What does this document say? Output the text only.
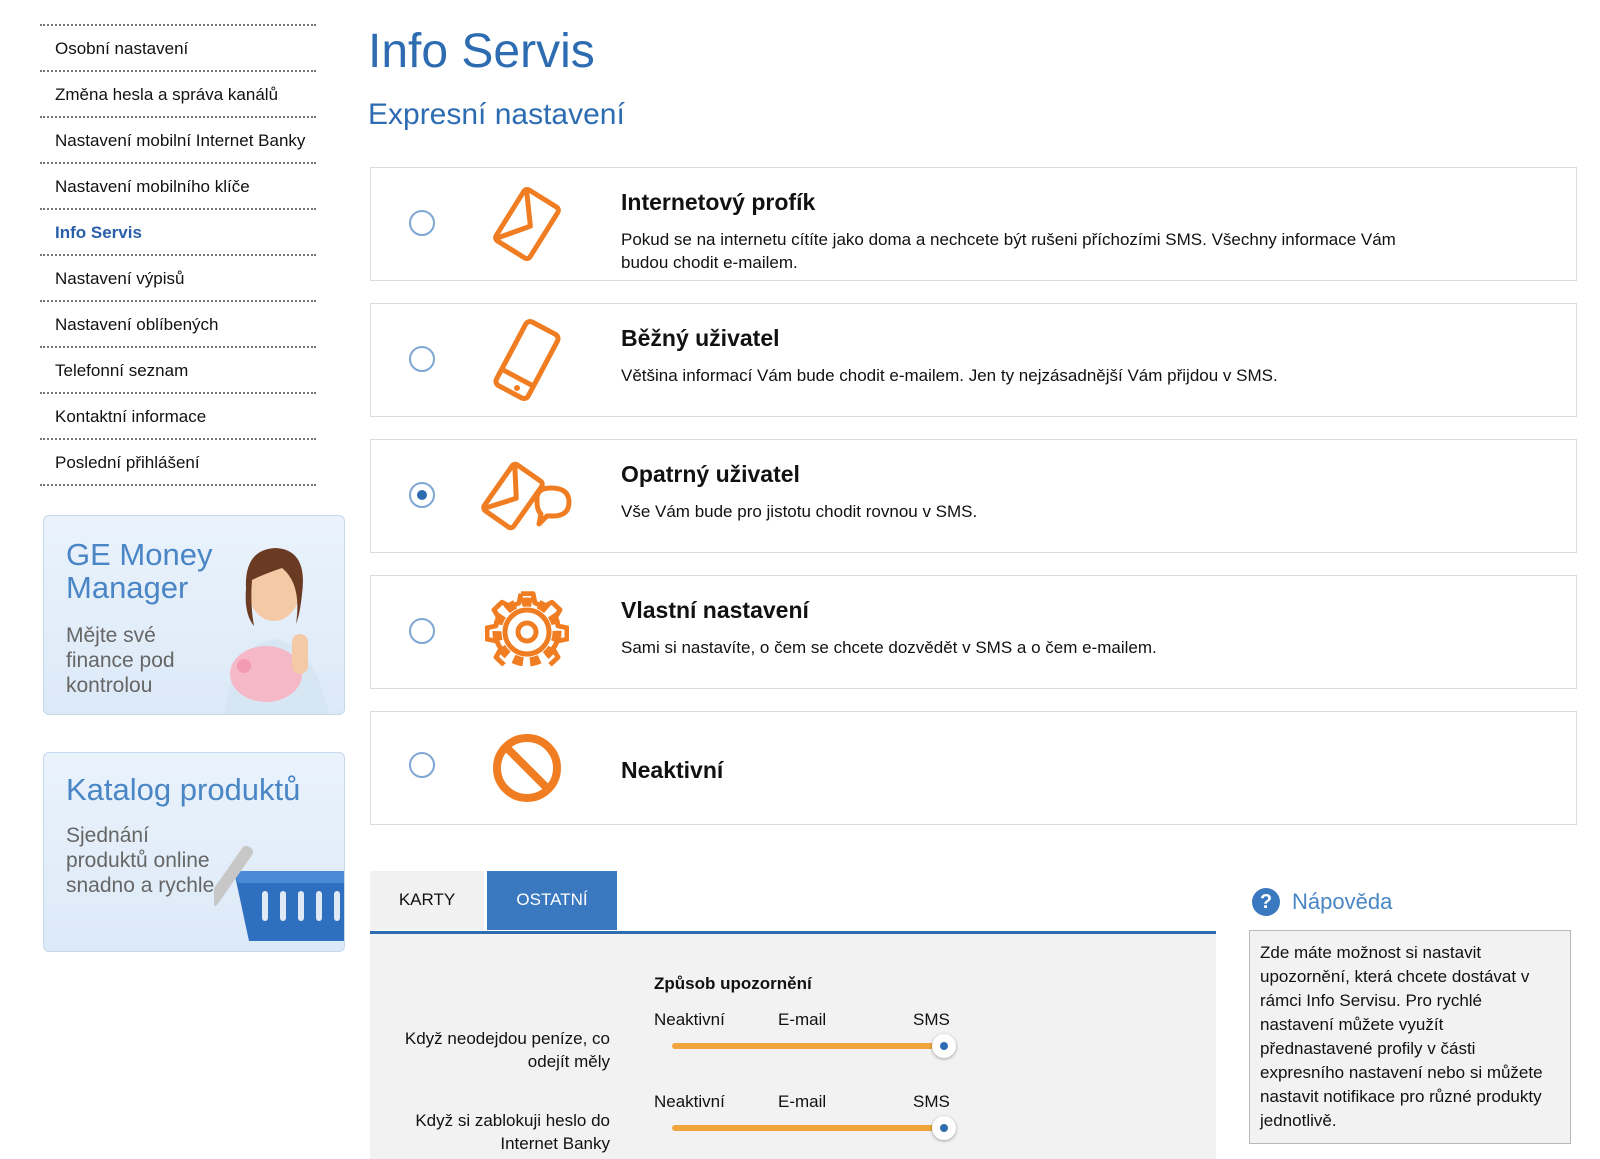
Osobní nastavení
Změna hesla a správa kanálů
Nastavení mobilní Internet Banky
Nastavení mobilního klíče
Info Servis
Nastavení výpisů
Nastavení oblíbených
Telefonní seznam
Kontaktní informace
Poslední přihlášení
GE Money Manager
Mějte své finance pod kontrolou
Katalog produktů
Sjednání produktů online snadno a rychle
Info Servis
Expresní nastavení
Internetový profík
Pokud se na internetu cítíte jako doma a nechcete být rušeni příchozími SMS. Všechny informace Vám budou chodit e-mailem.
Běžný uživatel
Většina informací Vám bude chodit e-mailem. Jen ty nejzásadnější Vám přijdou v SMS.
Opatrný uživatel
Vše Vám bude pro jistotu chodit rovnou v SMS.
Vlastní nastavení
Sami si nastavíte, o čem se chcete dozvědět v SMS a o čem e-mailem.
Neaktivní
KARTY	OSTATNÍ
Způsob upozornění
Když neodejdou peníze, co odejít měly
Neaktivní	E-mail	SMS
Když si zablokuji heslo do Internet Banky
Neaktivní	E-mail	SMS
? Nápověda
Zde máte možnost si nastavit upozornění, která chcete dostávat v rámci Info Servisu. Pro rychlé nastavení můžete využít přednastavené profily v části expresního nastavení nebo si můžete nastavit notifikace pro různé produkty jednotlivě.
